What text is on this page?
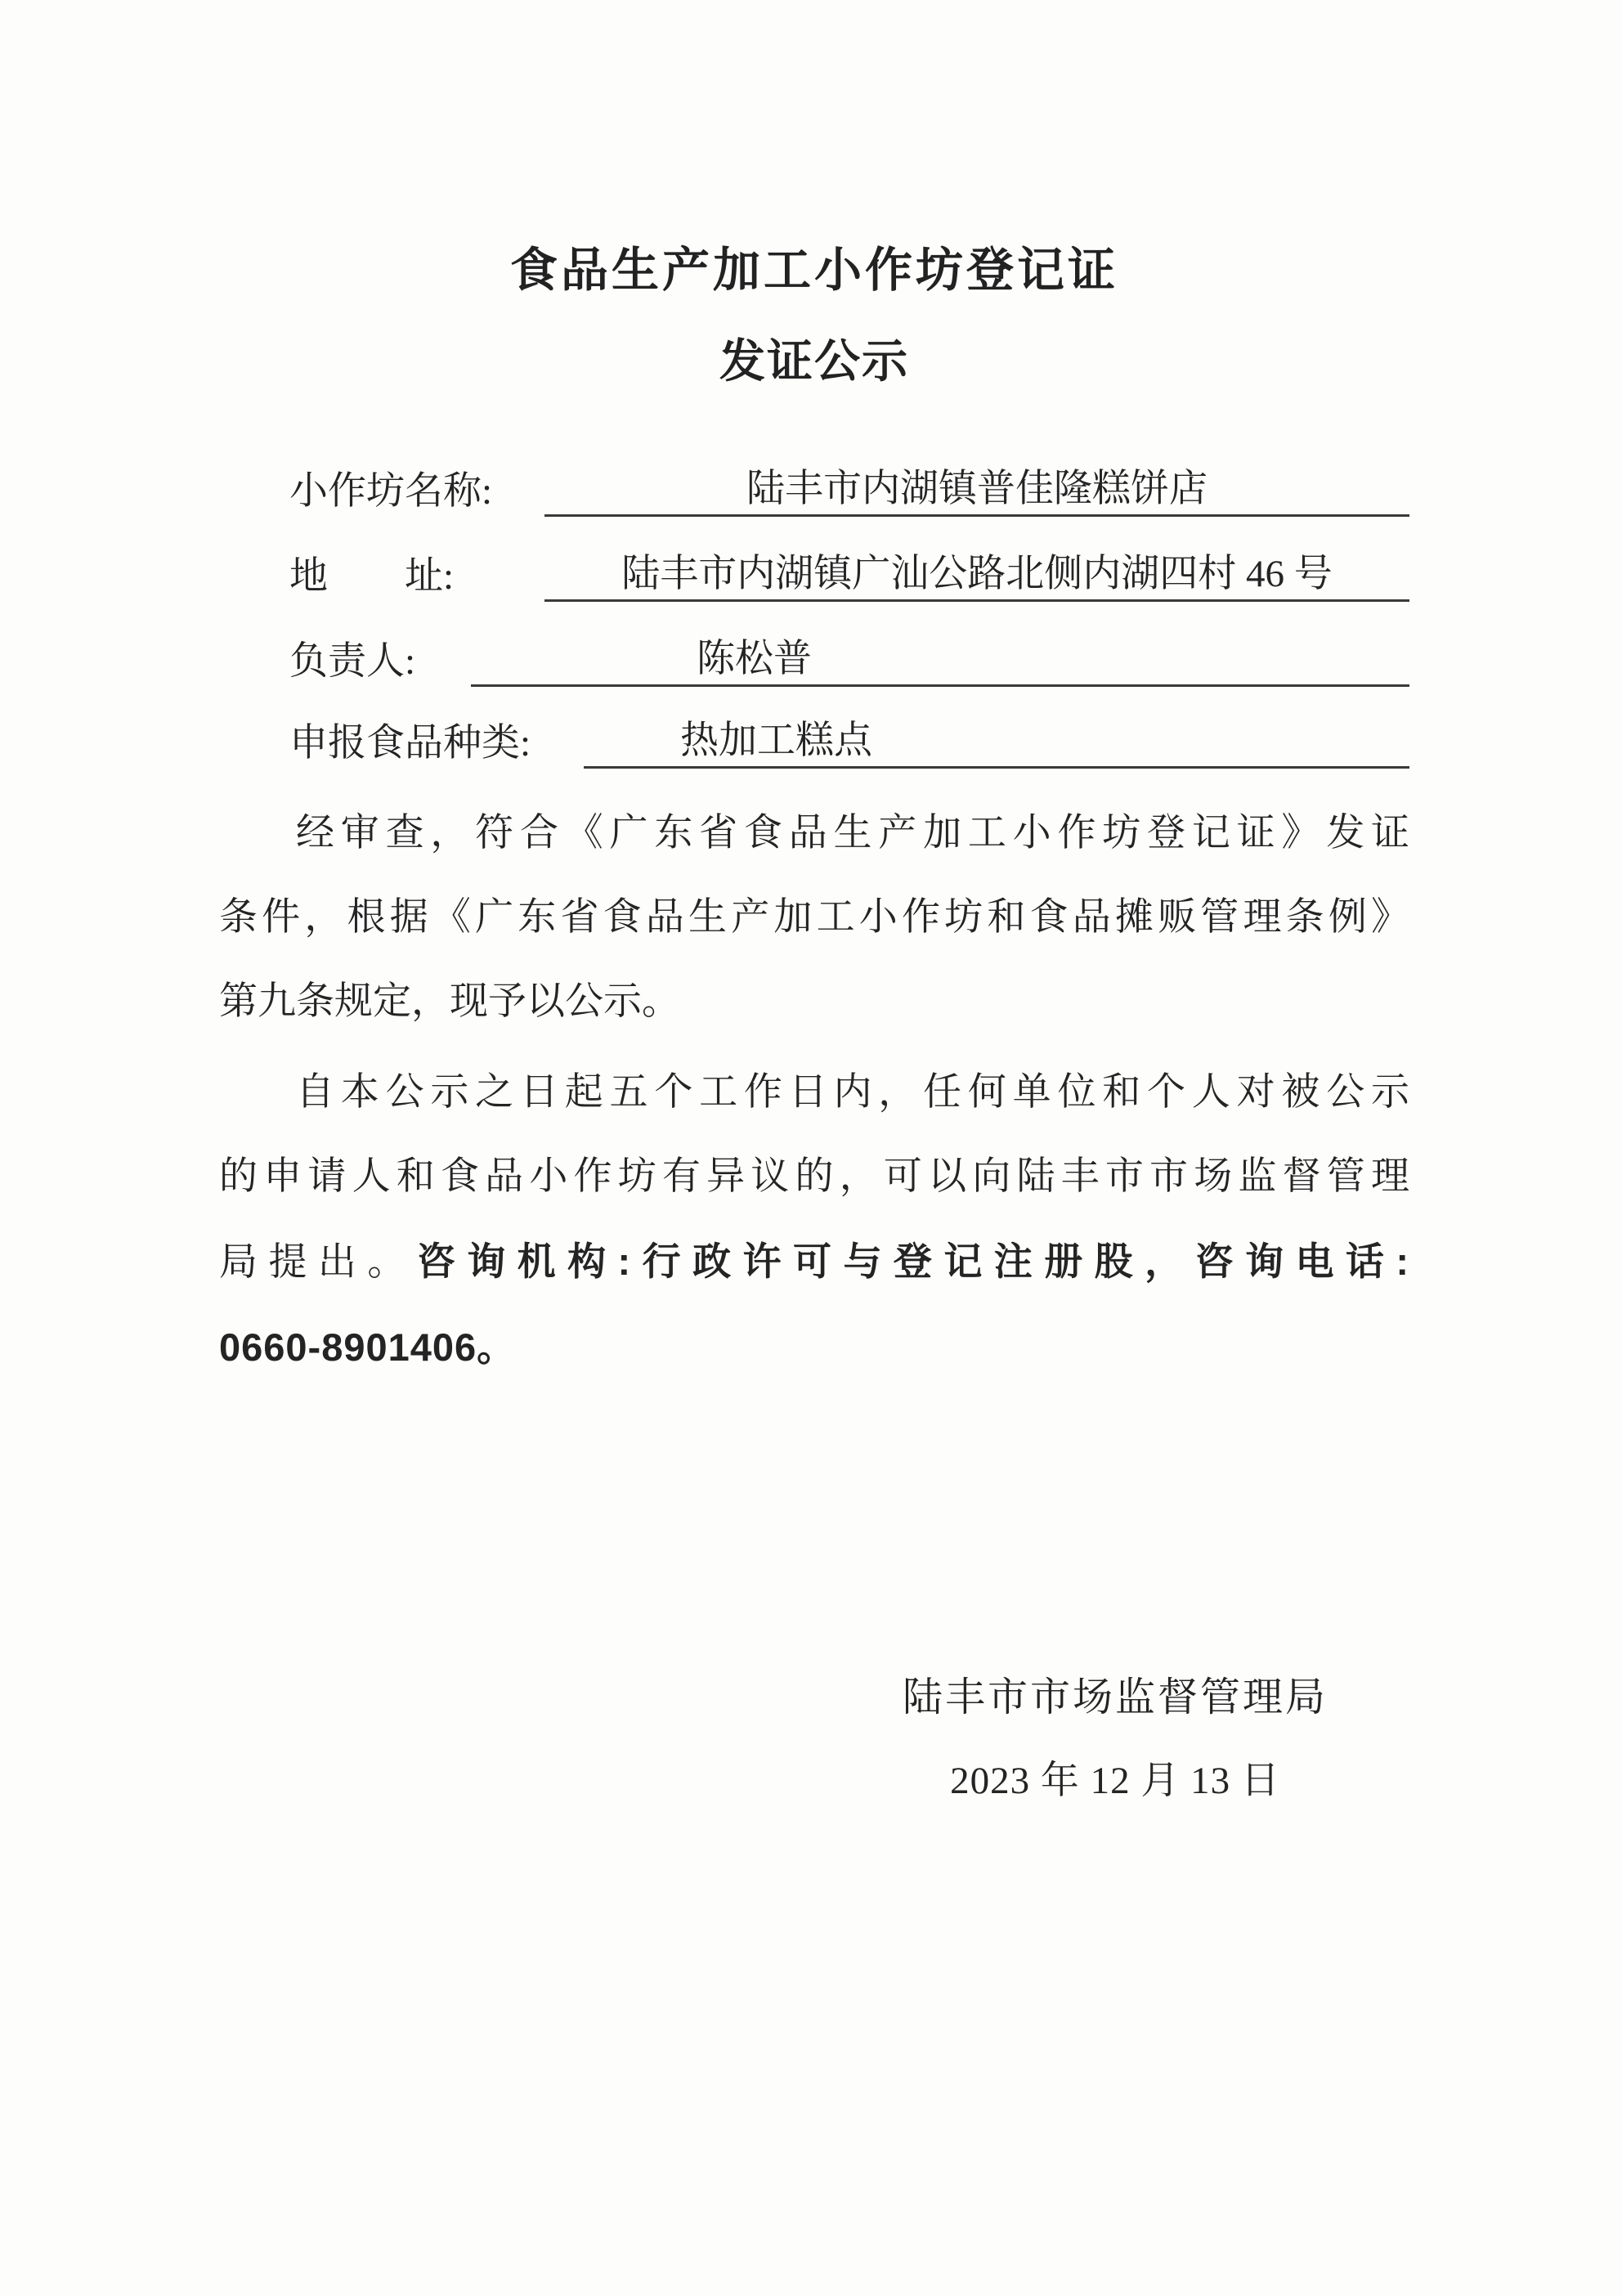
食品生产加工小作坊登记证
发证公示
小作坊名称:	陆丰市内湖镇普佳隆糕饼店
地　　址:	陆丰市内湖镇广汕公路北侧内湖四村 46 号
负责人:	陈松普
申报食品种类:	热加工糕点
经审查，符合《广东省食品生产加工小作坊登记证》发证
条件，根据《广东省食品生产加工小作坊和食品摊贩管理条例》
第九条规定，现予以公示。
自本公示之日起五个工作日内，任何单位和个人对被公示
的申请人和食品小作坊有异议的，可以向陆丰市市场监督管理
局提出。咨询机构:行政许可与登记注册股，咨询电话:
0660-8901406。
陆丰市市场监督管理局
2023 年 12 月 13 日
